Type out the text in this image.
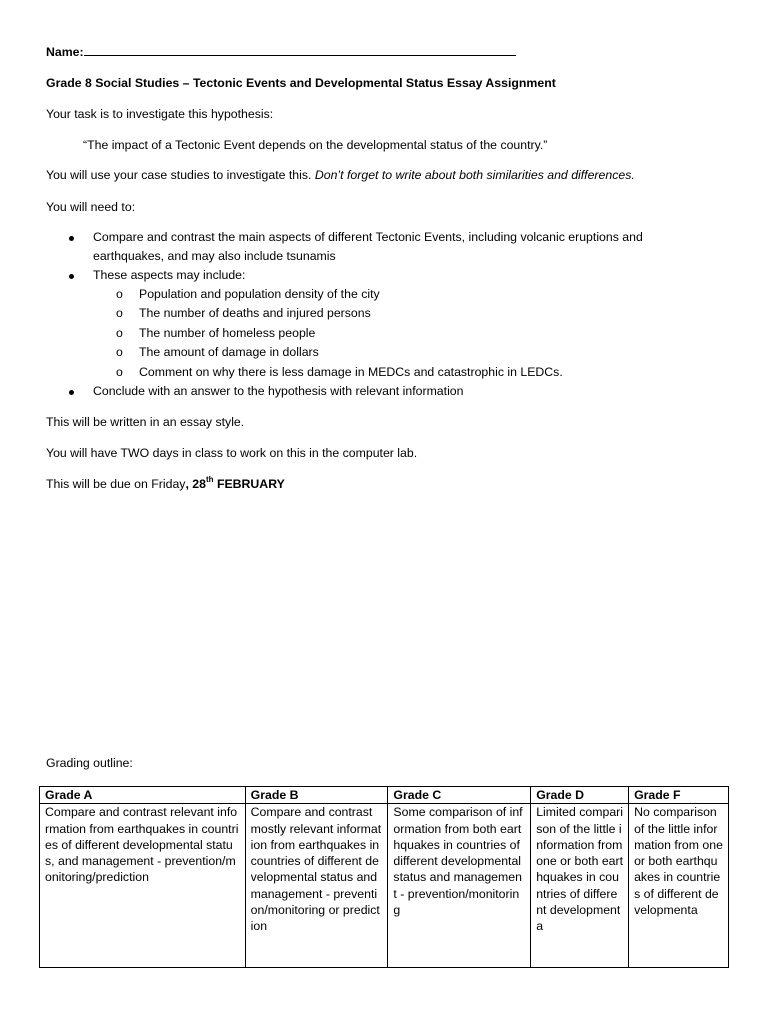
Name:
Grade 8 Social Studies – Tectonic Events and Developmental Status Essay Assignment
Your task is to investigate this hypothesis:
“The impact of a Tectonic Event depends on the developmental status of the country.”
You will use your case studies to investigate this. Don’t forget to write about both similarities and differences.
You will need to:
Compare and contrast the main aspects of different Tectonic Events, including volcanic eruptions and
earthquakes, and may also include tsunamis
These aspects may include:
o Population and population density of the city
o The number of deaths and injured persons
o The number of homeless people
o The amount of damage in dollars
o Comment on why there is less damage in MEDCs and catastrophic in LEDCs.
Conclude with an answer to the hypothesis with relevant information
This will be written in an essay style.
You will have TWO days in class to work on this in the computer lab.
This will be due on Friday, 28th FEBRUARY
Grading outline:
Grade A	Grade B	Grade C	Grade D	Grade F

Compare and contrast relevant information from earthquakes in countries of different developmental status, and management - prevention/monitoring/prediction	Compare and contrast mostly relevant information from earthquakes in countries of different developmental status and management - prevention/monitoring or prediction	Some comparison of information from both earthquakes in countries of different developmental status and management - prevention/monitoring	Limited comparison of the little information from one or both earthquakes in countries of different developmenta	No comparison of the little information from one or both earthquakes in countries of different developmenta
